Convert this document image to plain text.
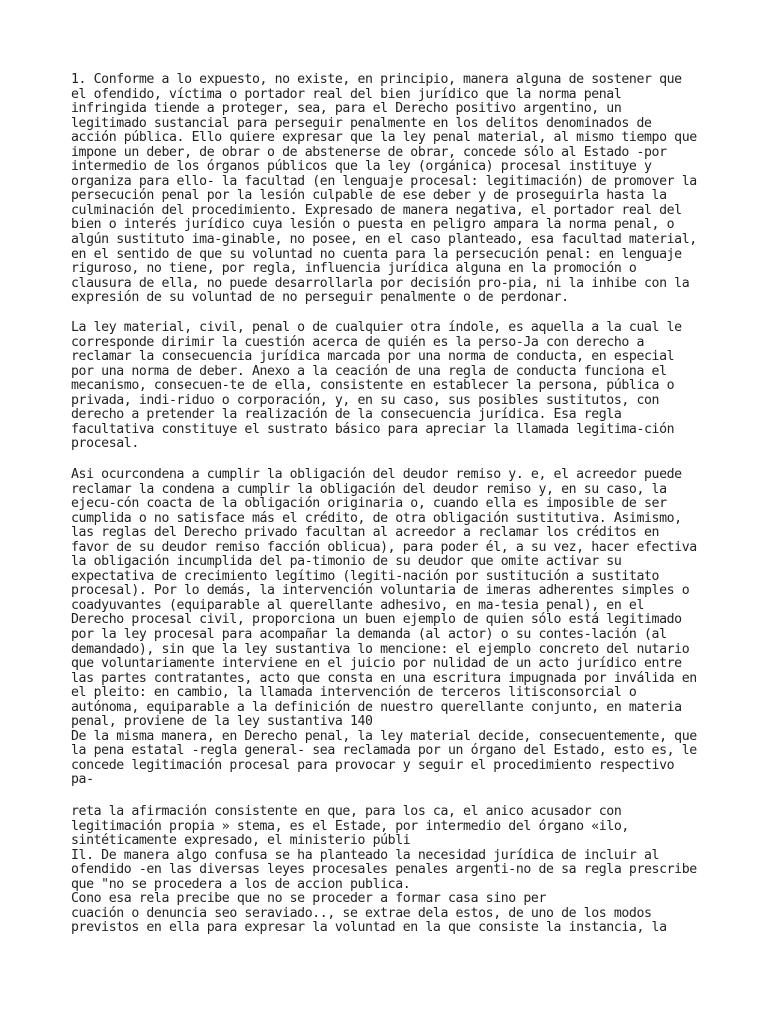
1. Conforme a lo expuesto, no existe, en principio, manera alguna de sostener que
el ofendido, víctima o portador real del bien jurídico que la norma penal
infringida tiende a proteger, sea, para el Derecho positivo argentino, un
legitimado sustancial para perseguir penalmente en los delitos denominados de
acción pública. Ello quiere expresar que la ley penal material, al mismo tiempo que
impone un deber, de obrar o de abstenerse de obrar, concede sólo al Estado -por
intermedio de los órganos públicos que la ley (orgánica) procesal instituye y
organiza para ello- la facultad (en lenguaje procesal: legitimación) de promover la
persecución penal por la lesión culpable de ese deber y de proseguirla hasta la
culminación del procedimiento. Expresado de manera negativa, el portador real del
bien o interés jurídico cuya lesión o puesta en peligro ampara la norma penal, o
algún sustituto ima-ginable, no posee, en el caso planteado, esa facultad material,
en el sentido de que su voluntad no cuenta para la persecución penal: en lenguaje
riguroso, no tiene, por regla, influencia jurídica alguna en la promoción o
clausura de ella, no puede desarrollarla por decisión pro-pia, ni la inhibe con la
expresión de su voluntad de no perseguir penalmente o de perdonar.

La ley material, civil, penal o de cualquier otra índole, es aquella a la cual le
corresponde dirimir la cuestión acerca de quién es la perso-Ja con derecho a
reclamar la consecuencia jurídica marcada por una norma de conducta, en especial
por una norma de deber. Anexo a la ceación de una regla de conducta funciona el
mecanismo, consecuen-te de ella, consistente en establecer la persona, pública o
privada, indi-riduo o corporación, y, en su caso, sus posibles sustitutos, con
derecho a pretender la realización de la consecuencia jurídica. Esa regla
facultativa constituye el sustrato básico para apreciar la llamada legitima-ción
procesal.

Asi ocurcondena a cumplir la obligación del deudor remiso y. e, el acreedor puede
reclamar la condena a cumplir la obligación del deudor remiso y, en su caso, la
ejecu-cón coacta de la obligación originaria o, cuando ella es imposible de ser
cumplida o no satisface más el crédito, de otra obligación sustitutiva. Asimismo,
las reglas del Derecho privado facultan al acreedor a reclamar los créditos en
favor de su deudor remiso facción oblicua), para poder él, a su vez, hacer efectiva
la obligación incumplida del pa-timonio de su deudor que omite activar su
expectativa de crecimiento legítimo (legiti-nación por sustitución a sustitato
procesal). Por lo demás, la intervención voluntaria de imeras adherentes simples o
coadyuvantes (equiparable al querellante adhesivo, en ma-tesia penal), en el
Derecho procesal civil, proporciona un buen ejemplo de quien sólo está legitimado
por la ley procesal para acompañar la demanda (al actor) o su contes-lación (al
demandado), sin que la ley sustantiva lo mencione: el ejemplo concreto del nutario
que voluntariamente interviene en el juicio por nulidad de un acto jurídico entre
las partes contratantes, acto que consta en una escritura impugnada por inválida en
el pleito: en cambio, la llamada intervención de terceros litisconsorcial o
autónoma, equiparable a la definición de nuestro querellante conjunto, en materia
penal, proviene de la ley sustantiva 140
De la misma manera, en Derecho penal, la ley material decide, consecuentemente, que
la pena estatal -regla general- sea reclamada por un órgano del Estado, esto es, le
concede legitimación procesal para provocar y seguir el procedimiento respectivo
pa-

reta la afirmación consistente en que, para los ca, el anico acusador con
legitimación propia » stema, es el Estade, por intermedio del órgano «ilo,
sintéticamente expresado, el ministerio públi
Il. De manera algo confusa se ha planteado la necesidad jurídica de incluir al
ofendido -en las diversas leyes procesales penales argenti-no de sa regla prescribe
que "no se procedera a los de accion publica.
Cono esa rela precibe que no se proceder a formar casa sino per
cuación o denuncia seo seraviado.., se extrae dela estos, de uno de los modos
previstos en ella para expresar la voluntad en la que consiste la instancia, la
